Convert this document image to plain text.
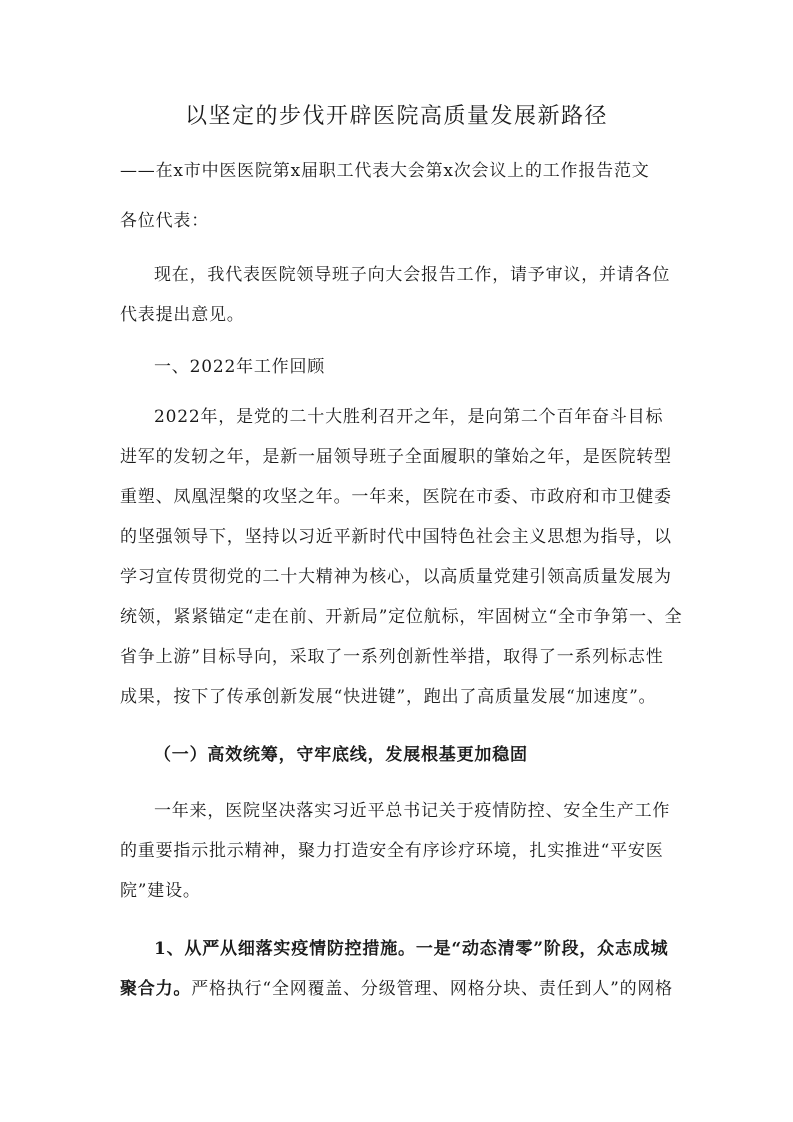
以坚定的步伐开辟医院高质量发展新路径
——在x市中医医院第x届职工代表大会第x次会议上的工作报告范文
各位代表：
现在，我代表医院领导班子向大会报告工作，请予审议，并请各位
代表提出意见。
一、2022年工作回顾
2022年，是党的二十大胜利召开之年，是向第二个百年奋斗目标
进军的发轫之年，是新一届领导班子全面履职的肇始之年，是医院转型
重塑、凤凰涅槃的攻坚之年。一年来，医院在市委、市政府和市卫健委
的坚强领导下，坚持以习近平新时代中国特色社会主义思想为指导，以
学习宣传贯彻党的二十大精神为核心，以高质量党建引领高质量发展为
统领，紧紧锚定“走在前、开新局”定位航标，牢固树立“全市争第一、全
省争上游”目标导向，采取了一系列创新性举措，取得了一系列标志性
成果，按下了传承创新发展“快进键”，跑出了高质量发展“加速度”。
（一）高效统筹，守牢底线，发展根基更加稳固
一年来，医院坚决落实习近平总书记关于疫情防控、安全生产工作
的重要指示批示精神，聚力打造安全有序诊疗环境，扎实推进“平安医
院”建设。
1、从严从细落实疫情防控措施。一是“动态清零”阶段，众志成城
聚合力。严格执行“全网覆盖、分级管理、网格分块、责任到人”的网格
